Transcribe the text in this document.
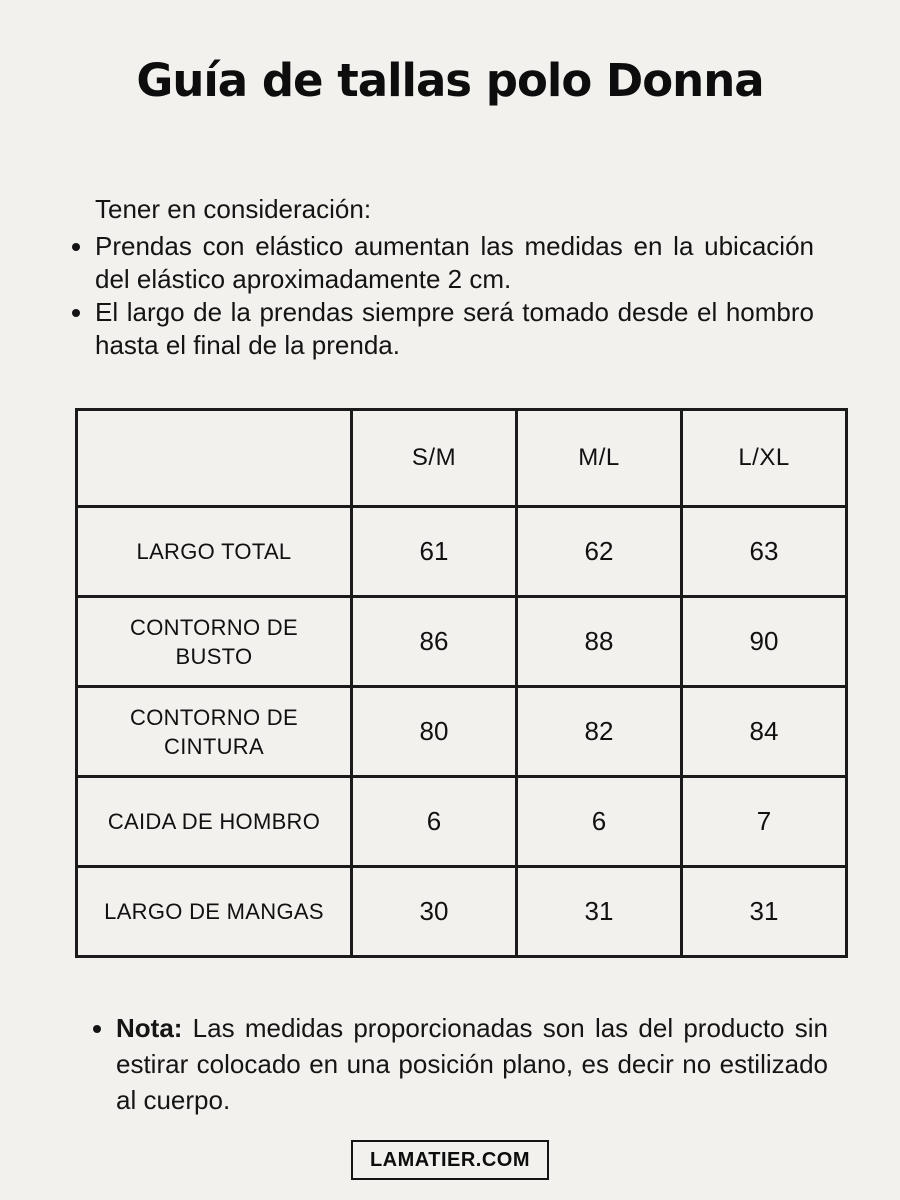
Guía de tallas polo Donna

Tener en consideración:

• Prendas con elástico aumentan las medidas en la ubicación del elástico aproximadamente 2 cm.
• El largo de la prendas siempre será tomado desde el hombro hasta el final de la prenda.
	S/M	M/L	L/XL
LARGO TOTAL	61	62	63
CONTORNO DE BUSTO	86	88	90
CONTORNO DE CINTURA	80	82	84
CAIDA DE HOMBRO	6	6	7
LARGO DE MANGAS	30	31	31
• Nota: Las medidas proporcionadas son las del producto sin estirar colocado en una posición plano, es decir no estilizado al cuerpo.
LAMATIER.COM
